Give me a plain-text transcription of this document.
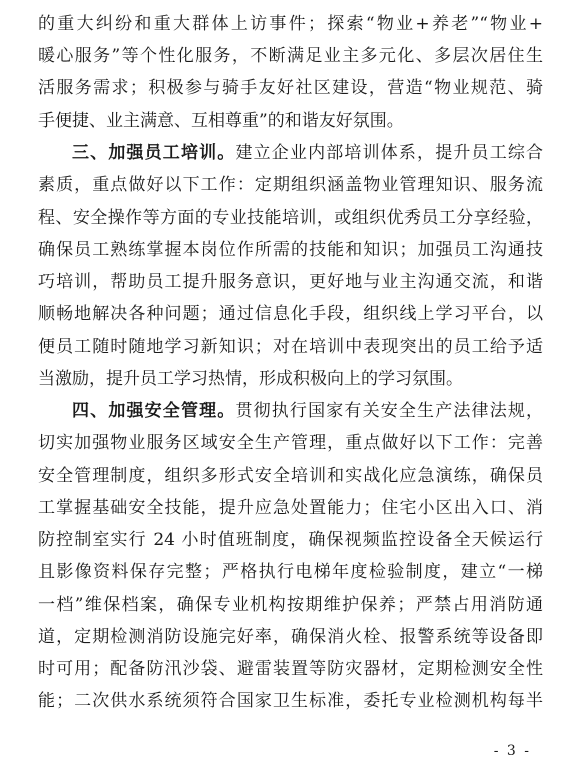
的重大纠纷和重大群体上访事件；探索“物业+养老”“物业+
暖心服务”等个性化服务，不断满足业主多元化、多层次居住生
活服务需求；积极参与骑手友好社区建设，营造“物业规范、骑
手便捷、业主满意、互相尊重”的和谐友好氛围。
三、加强员工培训。建立企业内部培训体系，提升员工综合
素质，重点做好以下工作：定期组织涵盖物业管理知识、服务流
程、安全操作等方面的专业技能培训，或组织优秀员工分享经验，
确保员工熟练掌握本岗位作所需的技能和知识；加强员工沟通技
巧培训，帮助员工提升服务意识，更好地与业主沟通交流，和谐
顺畅地解决各种问题；通过信息化手段，组织线上学习平台，以
便员工随时随地学习新知识；对在培训中表现突出的员工给予适
当激励，提升员工学习热情，形成积极向上的学习氛围。
四、加强安全管理。贯彻执行国家有关安全生产法律法规，
切实加强物业服务区域安全生产管理，重点做好以下工作：完善
安全管理制度，组织多形式安全培训和实战化应急演练，确保员
工掌握基础安全技能，提升应急处置能力；住宅小区出入口、消
防控制室实行 24 小时值班制度，确保视频监控设备全天候运行
且影像资料保存完整；严格执行电梯年度检验制度，建立“一梯
一档”维保档案，确保专业机构按期维护保养；严禁占用消防通
道，定期检测消防设施完好率，确保消火栓、报警系统等设备即
时可用；配备防汛沙袋、避雷装置等防灾器材，定期检测安全性
能；二次供水系统须符合国家卫生标准，委托专业检测机构每半
- 3 -
